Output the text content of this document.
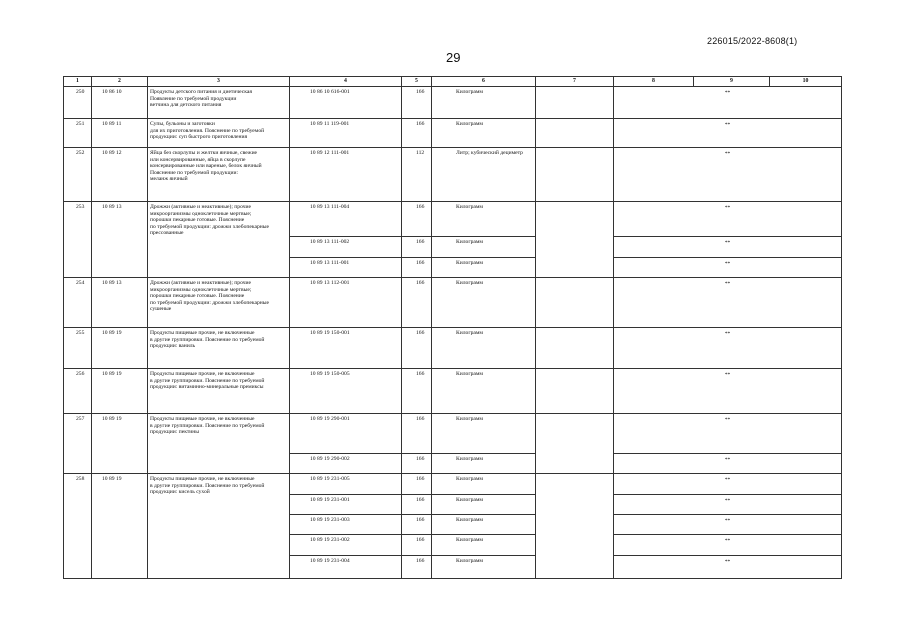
226015/2022-8608(1)
29
1	2	3	4	5	6	7	8	9	10
250	10 86 10	Продукты детского питания и диетическая
Появление по требуемой продукции
ветчина для детского питания	10 86 10 616-001	166	Килограмм		**		
251	10 89 11	Супы, бульоны и заготовки
для их приготовления. Пояснение по требуемой
продукции: суп быстрого приготовления	10 89 11 119-001	166	Килограмм		**		
252	10 89 12	Яйца без скорлупы и желтки яичные, свежие
или консервированные, яйца в скорлупе
консервированные или вареные, белок яичный
Пояснение по требуемой продукции:
меланж яичный	10 89 12 111-001	112	Литр; кубический дециметр		**		
253	10 89 13	Дрожжи (активные и неактивные); прочие
микроорганизмы одноклеточные мертвые;
порошки пекарные готовые. Пояснение
по требуемой продукции: дрожжи хлебопекарные
прессованные	10 89 13 111-004	166	Килограмм		**		
			10 89 13 111-002	166	Килограмм		**		
			10 89 13 111-001	166	Килограмм		**		
254	10 89 13	Дрожжи (активные и неактивные); прочие
микроорганизмы одноклеточные мертвые;
порошки пекарные готовые. Пояснение
по требуемой продукции: дрожжи хлебопекарные
сушеные	10 89 13 112-001	166	Килограмм		**		
255	10 89 19	Продукты пищевые прочие, не включенные
в другие группировки. Пояснение по требуемой
продукции: ваниль	10 89 19 150-001	166	Килограмм		**		
256	10 89 19	Продукты пищевые прочие, не включенные
в другие группировки. Пояснение по требуемой
продукции: витаминно-минеральные премиксы	10 89 19 150-005	166	Килограмм		**		
257	10 89 19	Продукты пищевые прочие, не включенные
в другие группировки. Пояснение по требуемой
продукции: пектины	10 89 19 290-001	166	Килограмм		**		
			10 89 19 290-002	166	Килограмм		**		
258	10 89 19	Продукты пищевые прочие, не включенные
в другие группировки. Пояснение по требуемой
продукции: кисель сухой	10 89 19 231-005	166	Килограмм		**		
			10 89 19 231-001	166	Килограмм		**		
			10 89 19 231-003	166	Килограмм		**		
			10 89 19 231-002	166	Килограмм		**		
			10 89 19 231-004	166	Килограмм		**		
